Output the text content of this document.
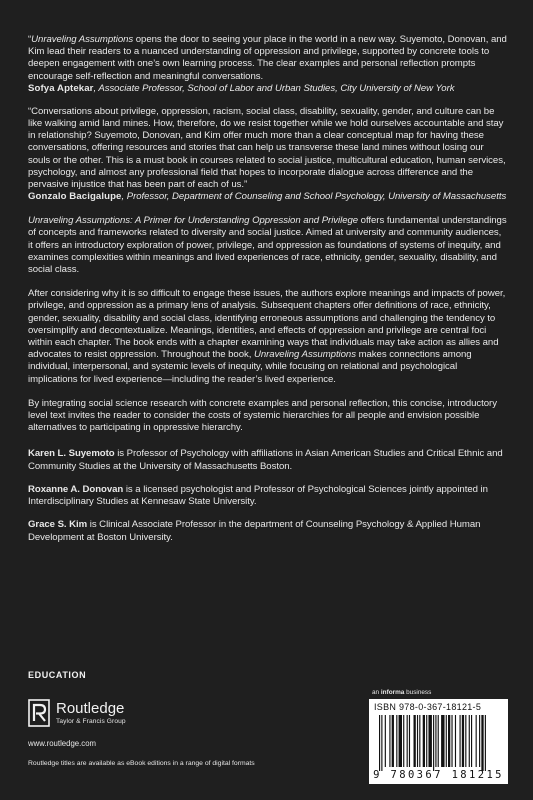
“Unraveling Assumptions opens the door to seeing your place in the world in a new way. Suyemoto, Donovan, and Kim lead their readers to a nuanced understanding of oppression and privilege, supported by concrete tools to deepen engagement with one’s own learning process. The clear examples and personal reflection prompts encourage self-reflection and meaningful conversations.

Sofya Aptekar, Associate Professor, School of Labor and Urban Studies, City University of New York

“Conversations about privilege, oppression, racism, social class, disability, sexuality, gender, and culture can be like walking amid land mines. How, therefore, do we resist together while we hold ourselves accountable and stay in relationship? Suyemoto, Donovan, and Kim offer much more than a clear conceptual map for having these conversations, offering resources and stories that can help us transverse these land mines without losing our souls or the other. This is a must book in courses related to social justice, multicultural education, human services, psychology, and almost any professional field that hopes to incorporate dialogue across difference and the pervasive injustice that has been part of each of us.”

Gonzalo Bacigalupe, Professor, Department of Counseling and School Psychology, University of Massachusetts

Unraveling Assumptions: A Primer for Understanding Oppression and Privilege offers fundamental understandings of concepts and frameworks related to diversity and social justice. Aimed at university and community audiences, it offers an introductory exploration of power, privilege, and oppression as foundations of systems of inequity, and examines complexities within meanings and lived experiences of race, ethnicity, gender, sexuality, disability, and social class.

After considering why it is so difficult to engage these issues, the authors explore meanings and impacts of power, privilege, and oppression as a primary lens of analysis. Subsequent chapters offer definitions of race, ethnicity, gender, sexuality, disability and social class, identifying erroneous assumptions and challenging the tendency to oversimplify and decontextualize. Meanings, identities, and effects of oppression and privilege are central foci within each chapter. The book ends with a chapter examining ways that individuals may take action as allies and advocates to resist oppression. Throughout the book, Unraveling Assumptions makes connections among individual, interpersonal, and systemic levels of inequity, while focusing on relational and psychological implications for lived experience—including the reader’s lived experience.

By integrating social science research with concrete examples and personal reflection, this concise, introductory level text invites the reader to consider the costs of systemic hierarchies for all people and envision possible alternatives to participating in oppressive hierarchy.

Karen L. Suyemoto is Professor of Psychology with affiliations in Asian American Studies and Critical Ethnic and Community Studies at the University of Massachusetts Boston.

Roxanne A. Donovan is a licensed psychologist and Professor of Psychological Sciences jointly appointed in Interdisciplinary Studies at Kennesaw State University.

Grace S. Kim is Clinical Associate Professor in the department of Counseling Psychology & Applied Human Development at Boston University.

EDUCATION
Routledge
Taylor & Francis Group
www.routledge.com
Routledge titles are available as eBook editions in a range of digital formats
an informa business
ISBN 978-0-367-18121-5
9 780367 181215
